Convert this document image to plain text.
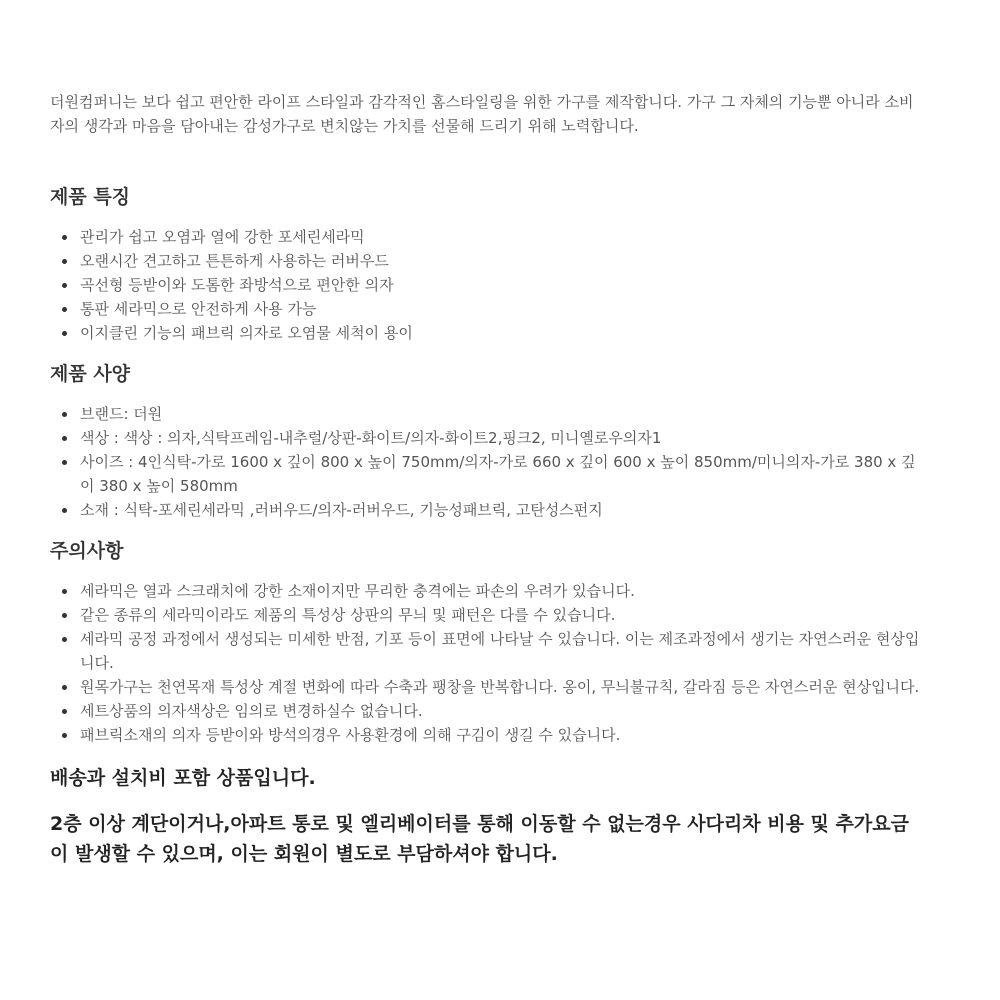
더원컴퍼니는 보다 쉽고 편안한 라이프 스타일과 감각적인 홈스타일링을 위한 가구를 제작합니다. 가구 그 자체의 기능뿐 아니라 소비자의 생각과 마음을 담아내는 감성가구로 변치않는 가치를 선물해 드리기 위해 노력합니다.

제품 특징
관리가 쉽고 오염과 열에 강한 포세린세라믹
오랜시간 견고하고 튼튼하게 사용하는 러버우드
곡선형 등받이와 도톰한 좌방석으로 편안한 의자
통판 세라믹으로 안전하게 사용 가능
이지클린 기능의 패브릭 의자로 오염물 세척이 용이
제품 사양
브랜드: 더원
색상 : 색상 : 의자,식탁프레임-내추럴/상판-화이트/의자-화이트2,핑크2, 미니옐로우의자1
사이즈 : 4인식탁-가로 1600 x 깊이 800 x 높이 750mm/의자-가로 660 x 깊이 600 x 높이 850mm/미니의자-가로 380 x 깊이 380 x 높이 580mm
소재 : 식탁-포세린세라믹 ,러버우드/의자-러버우드, 기능성패브릭, 고탄성스펀지
주의사항
세라믹은 열과 스크래치에 강한 소재이지만 무리한 충격에는 파손의 우려가 있습니다.
같은 종류의 세라믹이라도 제품의 특성상 상판의 무늬 및 패턴은 다를 수 있습니다.
세라믹 공정 과정에서 생성되는 미세한 반점, 기포 등이 표면에 나타날 수 있습니다. 이는 제조과정에서 생기는 자연스러운 현상입니다.
원목가구는 천연목재 특성상 계절 변화에 따라 수축과 팽창을 반복합니다. 옹이, 무늬불규칙, 갈라짐 등은 자연스러운 현상입니다.
세트상품의 의자색상은 임의로 변경하실수 없습니다.
패브릭소재의 의자 등받이와 방석의경우 사용환경에 의해 구김이 생길 수 있습니다.

배송과 설치비 포함 상품입니다.

2층 이상 계단이거나,아파트 통로 및 엘리베이터를 통해 이동할 수 없는경우 사다리차 비용 및 추가요금이 발생할 수 있으며, 이는 회원이 별도로 부담하셔야 합니다.
